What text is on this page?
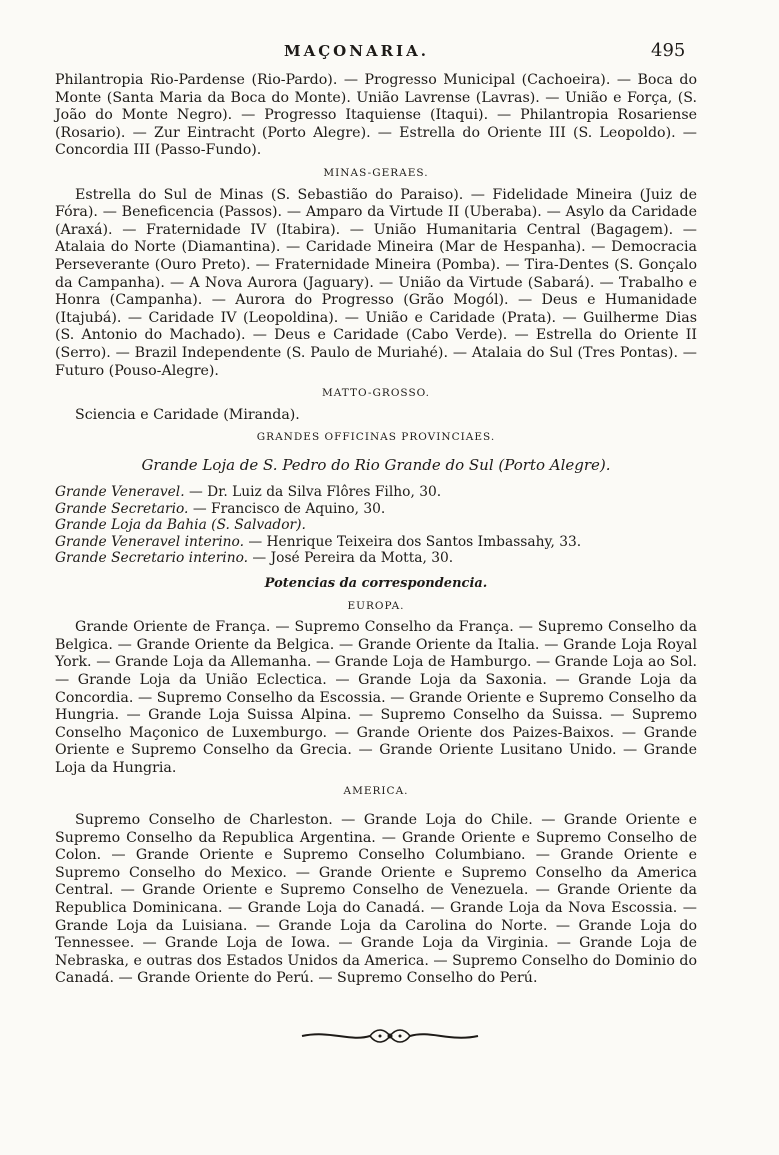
MAÇONARIA.	495

Philantropia Rio-Pardense (Rio-Pardo). — Progresso Municipal (Cachoeira). — Boca do Monte (Santa Maria da Boca do Monte). União Lavrense (Lavras). — União e Força, (S. João do Monte Negro). — Progresso Itaquiense (Itaqui). — Philantropia Rosariense (Rosario). — Zur Eintracht (Porto Alegre). — Estrella do Oriente III (S. Leopoldo). — Concordia III (Passo-Fundo).

MINAS-GERAES.

Estrella do Sul de Minas (S. Sebastião do Paraiso). — Fidelidade Mineira (Juiz de Fóra). — Beneficencia (Passos). — Amparo da Virtude II (Uberaba). — Asylo da Caridade (Araxá). — Fraternidade IV (Itabira). — União Humanitaria Central (Bagagem). — Atalaia do Norte (Diamantina). — Caridade Mineira (Mar de Hespanha). — Democracia Perseverante (Ouro Preto). — Fraternidade Mineira (Pomba). — Tira-Dentes (S. Gonçalo da Campanha). — A Nova Aurora (Jaguary). — União da Virtude (Sabará). — Trabalho e Honra (Campanha). — Aurora do Progresso (Grão Mogól). — Deus e Humanidade (Itajubá). — Caridade IV (Leopoldina). — União e Caridade (Prata). — Guilherme Dias (S. Antonio do Machado). — Deus e Caridade (Cabo Verde). — Estrella do Oriente II (Serro). — Brazil Independente (S. Paulo de Muriahé). — Atalaia do Sul (Tres Pontas). — Futuro (Pouso-Alegre).

MATTO-GROSSO.

Sciencia e Caridade (Miranda).

GRANDES OFFICINAS PROVINCIAES.
Grande Loja de S. Pedro do Rio Grande do Sul (Porto Alegre).

Grande Veneravel. — Dr. Luiz da Silva Flôres Filho, 30.

Grande Secretario. — Francisco de Aquino, 30.

Grande Loja da Bahia (S. Salvador).

Grande Veneravel interino. — Henrique Teixeira dos Santos Imbassahy, 33.

Grande Secretario interino. — José Pereira da Motta, 30.

Potencias da correspondencia.
EUROPA.

Grande Oriente de França. — Supremo Conselho da França. — Supremo Conselho da Belgica. — Grande Oriente da Belgica. — Grande Oriente da Italia. — Grande Loja Royal York. — Grande Loja da Allemanha. — Grande Loja de Hamburgo. — Grande Loja ao Sol. — Grande Loja da União Eclectica. — Grande Loja da Saxonia. — Grande Loja da Concordia. — Supremo Conselho da Escossia. — Grande Oriente e Supremo Conselho da Hungria. — Grande Loja Suissa Alpina. — Supremo Conselho da Suissa. — Supremo Conselho Maçonico de Luxemburgo. — Grande Oriente dos Paizes-Baixos. — Grande Oriente e Supremo Conselho da Grecia. — Grande Oriente Lusitano Unido. — Grande Loja da Hungria.

AMERICA.

Supremo Conselho de Charleston. — Grande Loja do Chile. — Grande Oriente e Supremo Conselho da Republica Argentina. — Grande Oriente e Supremo Conselho de Colon. — Grande Oriente e Supremo Conselho Columbiano. — Grande Oriente e Supremo Conselho do Mexico. — Grande Oriente e Supremo Conselho da America Central. — Grande Oriente e Supremo Conselho de Venezuela. — Grande Oriente da Republica Dominicana. — Grande Loja do Canadá. — Grande Loja da Nova Escossia. — Grande Loja da Luisiana. — Grande Loja da Carolina do Norte. — Grande Loja do Tennessee. — Grande Loja de Iowa. — Grande Loja da Virginia. — Grande Loja de Nebraska, e outras dos Estados Unidos da America. — Supremo Conselho do Dominio do Canadá. — Grande Oriente do Perú. — Supremo Conselho do Perú.
